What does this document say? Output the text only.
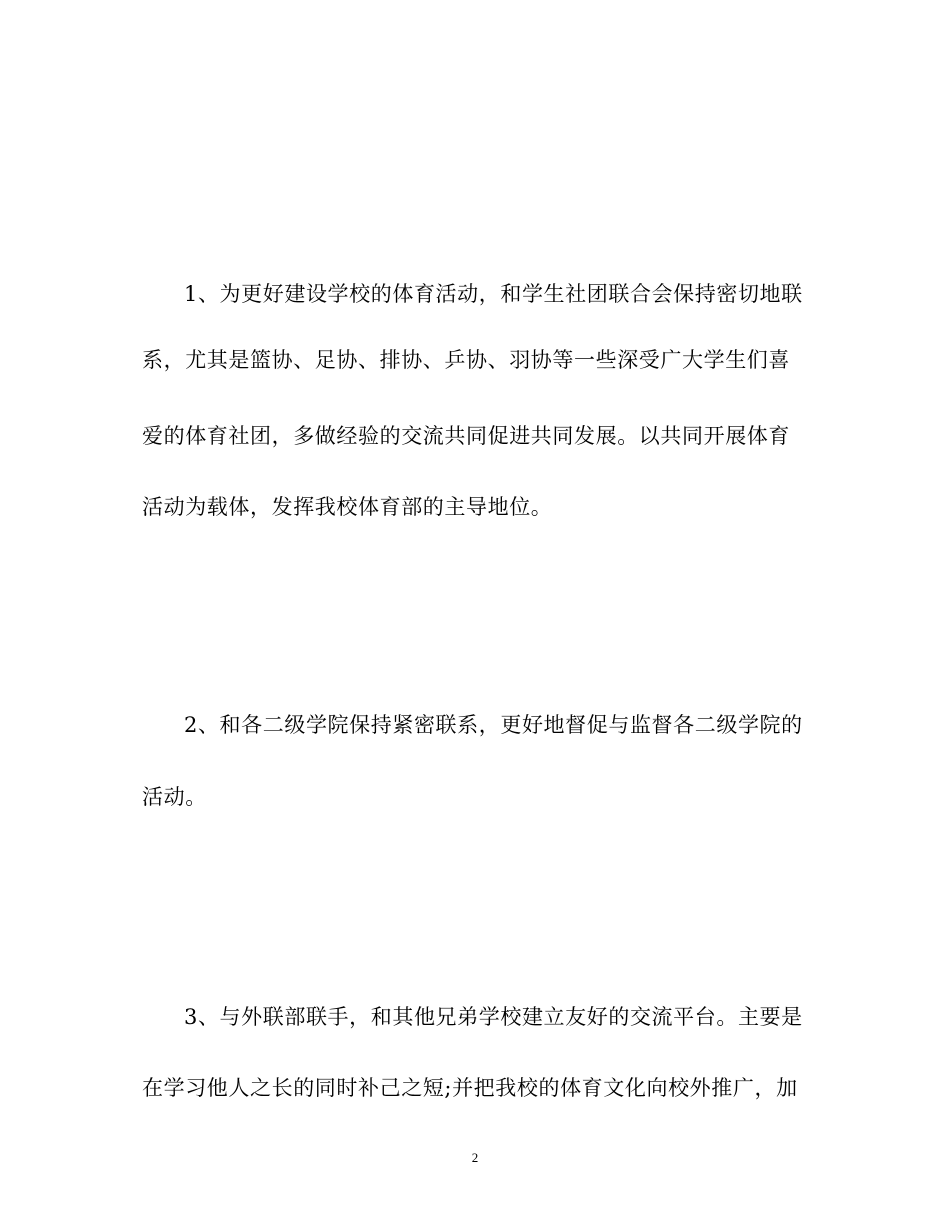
1、为更好建设学校的体育活动，和学生社团联合会保持密切地联
系，尤其是篮协、足协、排协、乒协、羽协等一些深受广大学生们喜
爱的体育社团，多做经验的交流共同促进共同发展。以共同开展体育
活动为载体，发挥我校体育部的主导地位。
2、和各二级学院保持紧密联系，更好地督促与监督各二级学院的
活动。
3、与外联部联手，和其他兄弟学校建立友好的交流平台。主要是
在学习他人之长的同时补己之短;并把我校的体育文化向校外推广，加
2
